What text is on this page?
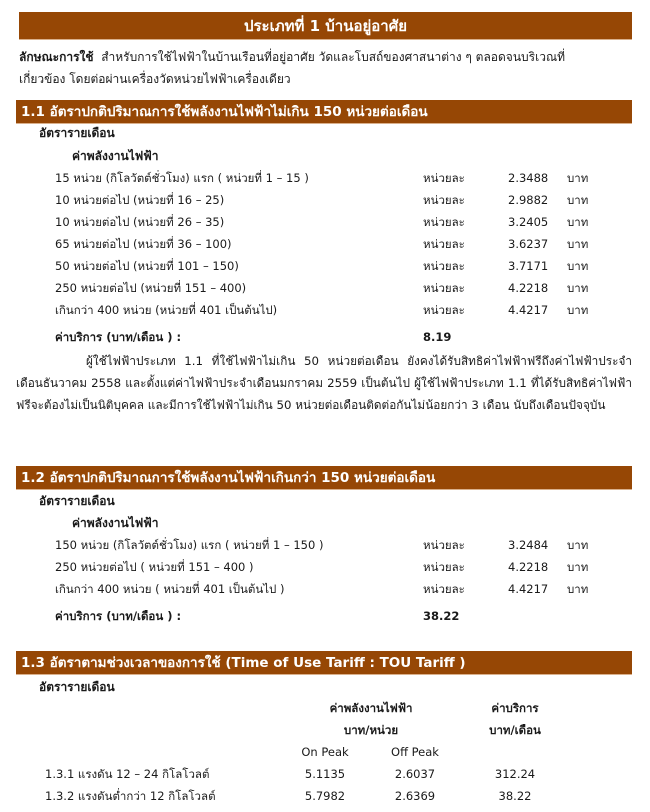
ประเภทที่ 1 บ้านอยู่อาศัย
ลักษณะการใช้ สำหรับการใช้ไฟฟ้าในบ้านเรือนที่อยู่อาศัย วัดและโบสถ์ของศาสนาต่าง ๆ ตลอดจนบริเวณที่
เกี่ยวข้อง โดยต่อผ่านเครื่องวัดหน่วยไฟฟ้าเครื่องเดียว
1.1 อัตราปกติปริมาณการใช้พลังงานไฟฟ้าไม่เกิน 150 หน่วยต่อเดือน
อัตรารายเดือน
ค่าพลังงานไฟฟ้า
15 หน่วย (กิโลวัตต์ชั่วโมง) แรก ( หน่วยที่ 1 – 15 )	หน่วยละ	2.3488 บาท
10 หน่วยต่อไป (หน่วยที่ 16 – 25)	หน่วยละ	2.9882 บาท
10 หน่วยต่อไป (หน่วยที่ 26 – 35)	หน่วยละ	3.2405 บาท
65 หน่วยต่อไป (หน่วยที่ 36 – 100)	หน่วยละ	3.6237 บาท
50 หน่วยต่อไป (หน่วยที่ 101 – 150)	หน่วยละ	3.7171 บาท
250 หน่วยต่อไป (หน่วยที่ 151 – 400)	หน่วยละ	4.2218 บาท
เกินกว่า 400 หน่วย (หน่วยที่ 401 เป็นต้นไป)	หน่วยละ	4.4217 บาท
ค่าบริการ (บาท/เดือน ) :	8.19
ผู้ใช้ไฟฟ้าประเภท 1.1 ที่ใช้ไฟฟ้าไม่เกิน 50 หน่วยต่อเดือน ยังคงได้รับสิทธิค่าไฟฟ้าฟรีถึงค่าไฟฟ้าประจำเดือนธันวาคม 2558 และตั้งแต่ค่าไฟฟ้าประจำเดือนมกราคม 2559 เป็นต้นไป ผู้ใช้ไฟฟ้าประเภท 1.1 ที่ได้รับสิทธิค่าไฟฟ้าฟรีจะต้องไม่เป็นนิติบุคคล และมีการใช้ไฟฟ้าไม่เกิน 50 หน่วยต่อเดือนติดต่อกันไม่น้อยกว่า 3 เดือน นับถึงเดือนปัจจุบัน
1.2 อัตราปกติปริมาณการใช้พลังงานไฟฟ้าเกินกว่า 150 หน่วยต่อเดือน
อัตรารายเดือน
ค่าพลังงานไฟฟ้า
150 หน่วย (กิโลวัตต์ชั่วโมง) แรก ( หน่วยที่ 1 – 150 )	หน่วยละ	3.2484 บาท
250 หน่วยต่อไป ( หน่วยที่ 151 – 400 )	หน่วยละ	4.2218 บาท
เกินกว่า 400 หน่วย ( หน่วยที่ 401 เป็นต้นไป )	หน่วยละ	4.4217 บาท
ค่าบริการ (บาท/เดือน ) :	38.22
1.3 อัตราตามช่วงเวลาของการใช้ (Time of Use Tariff : TOU Tariff )
อัตรารายเดือน
ค่าพลังงานไฟฟ้า	ค่าบริการ
บาท/หน่วย	บาท/เดือน
On Peak	Off Peak
1.3.1 แรงดัน 12 – 24 กิโลโวลต์	5.1135	2.6037	312.24
1.3.2 แรงดันต่ำกว่า 12 กิโลโวลต์	5.7982	2.6369	38.22
